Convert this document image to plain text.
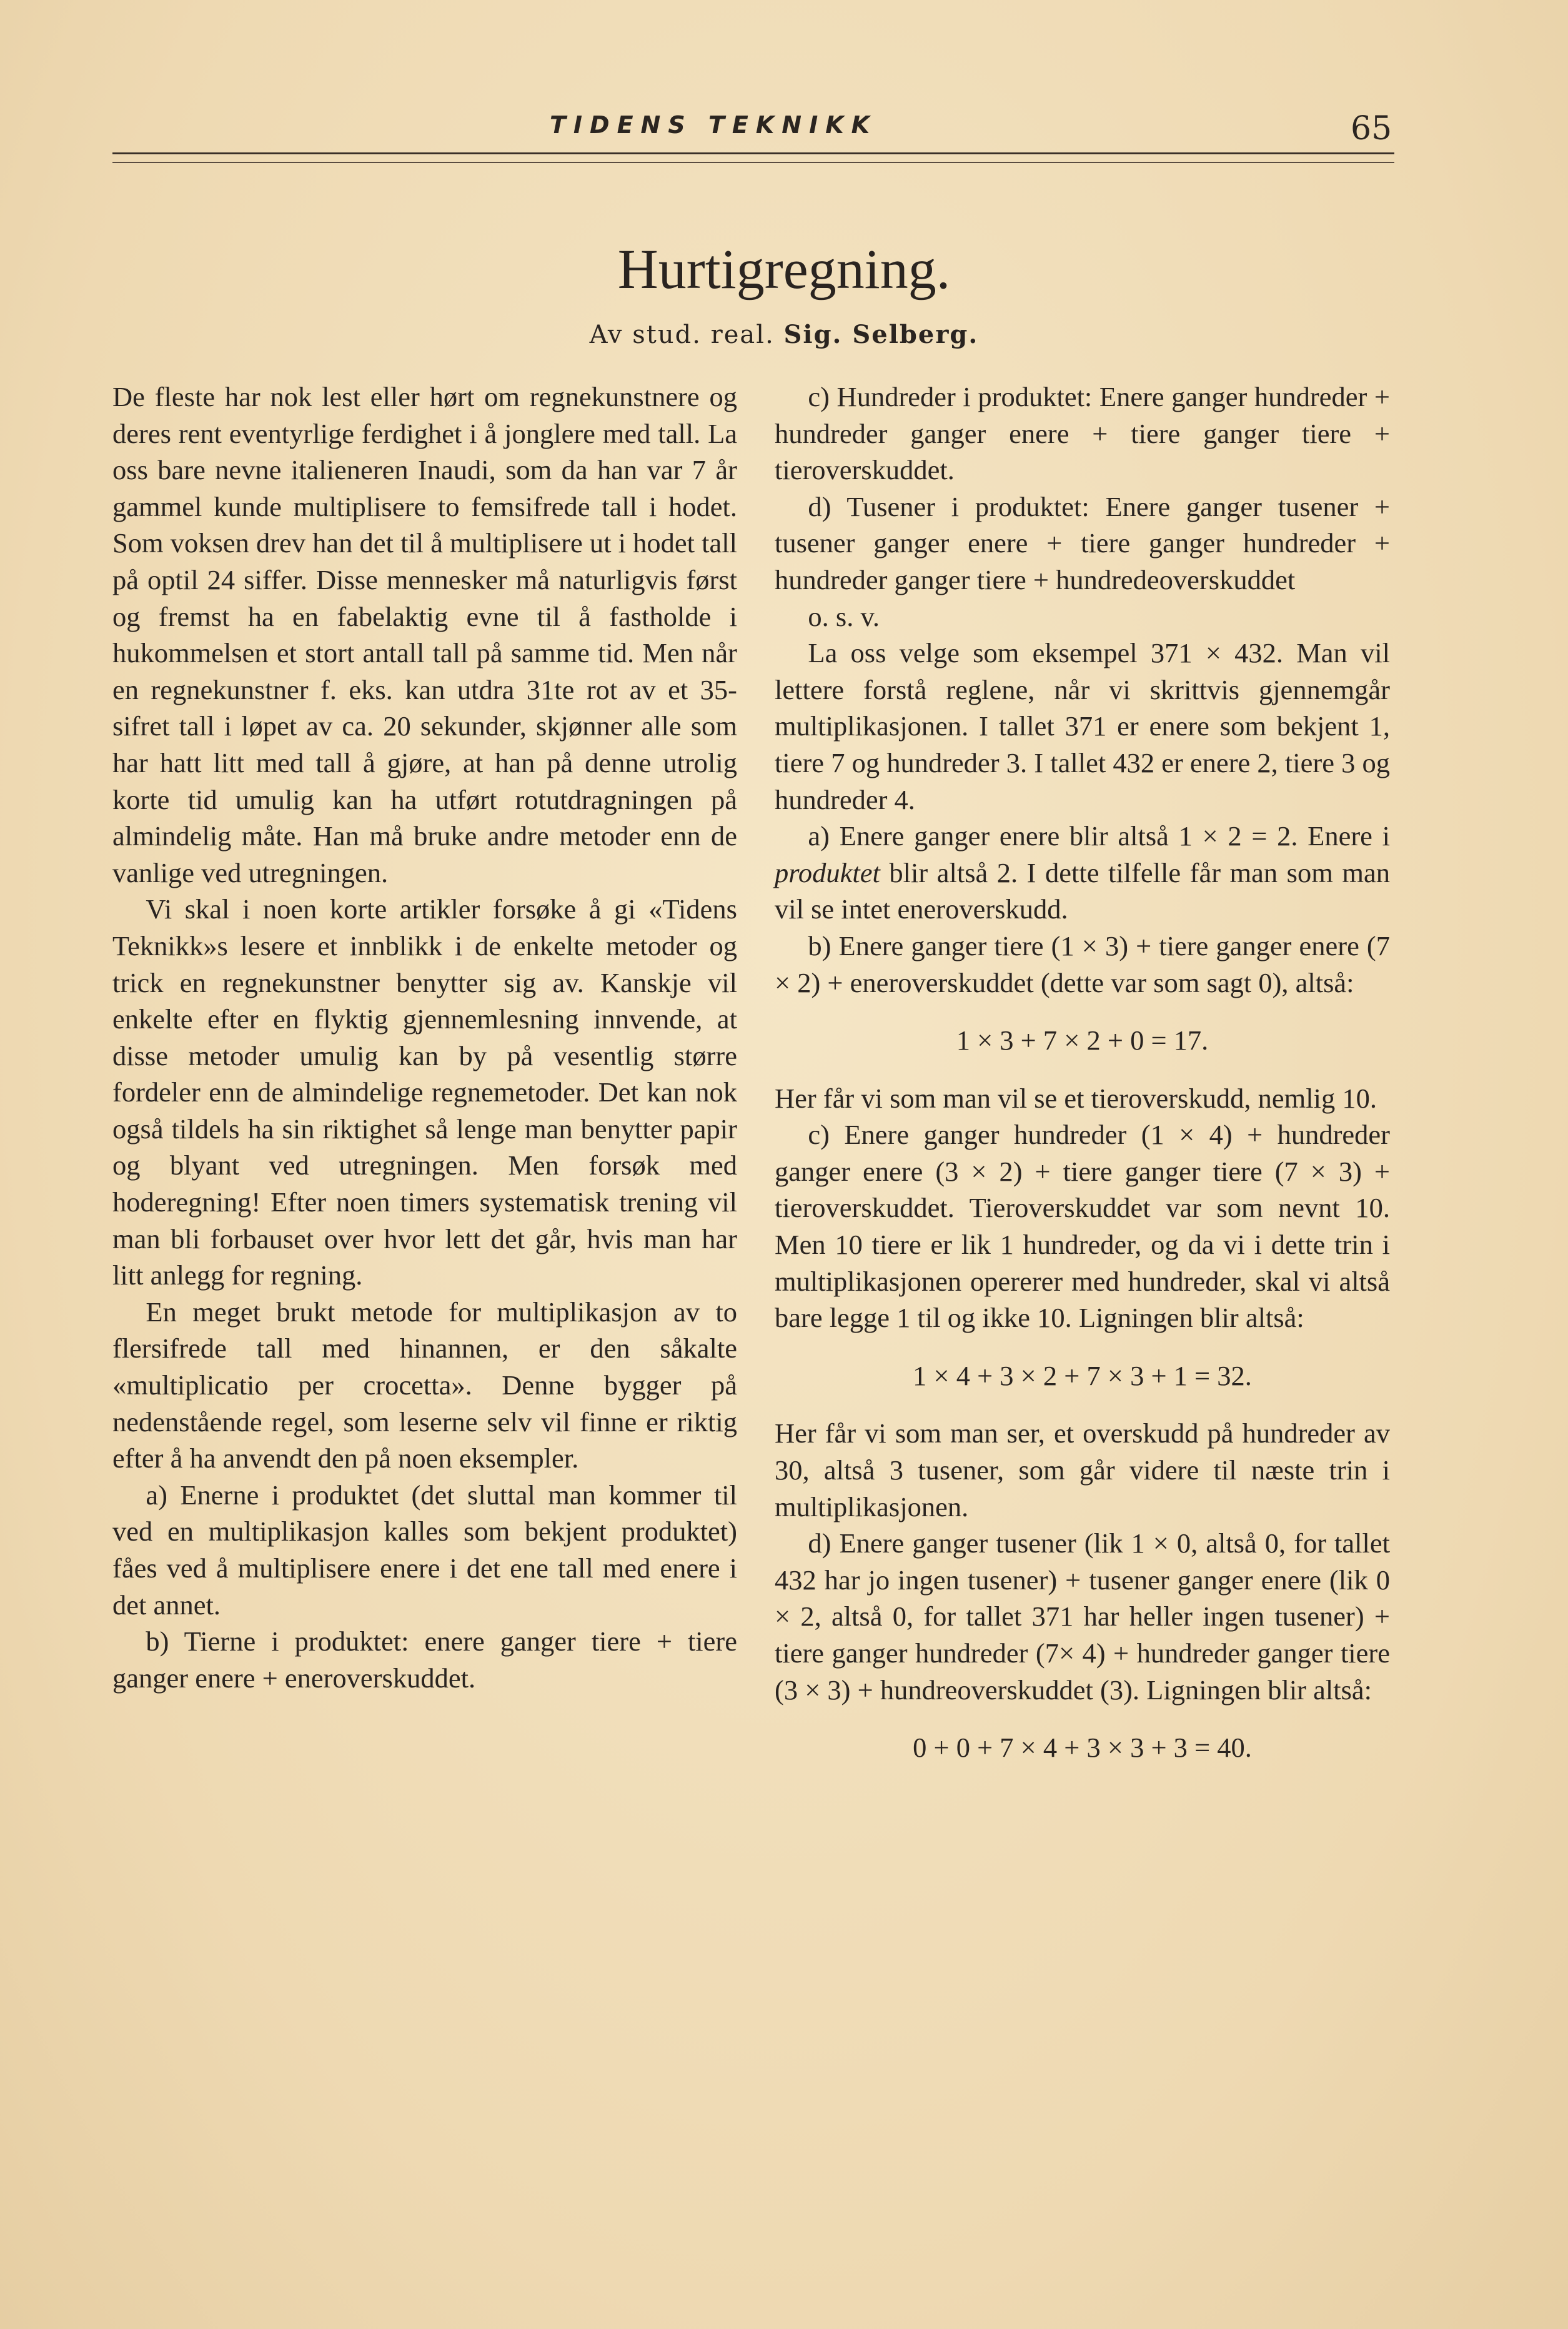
TIDENS TEKNIKK	65
Hurtigregning.
Av stud. real. Sig. Selberg.

De fleste har nok lest eller hørt om regnekunstnere og deres rent eventyrlige ferdighet i å jonglere med tall. La oss bare nevne italieneren Inaudi, som da han var 7 år gammel kunde multiplisere to femsifrede tall i hodet. Som voksen drev han det til å multiplisere ut i hodet tall på optil 24 siffer. Disse mennesker må naturligvis først og fremst ha en fabelaktig evne til å fastholde i hukommelsen et stort antall tall på samme tid. Men når en regnekunstner f. eks. kan utdra 31te rot av et 35-sifret tall i løpet av ca. 20 sekunder, skjønner alle som har hatt litt med tall å gjøre, at han på denne utrolig korte tid umulig kan ha utført rotutdragningen på almindelig måte. Han må bruke andre metoder enn de vanlige ved utregningen.

Vi skal i noen korte artikler forsøke å gi «Tidens Teknikk»s lesere et innblikk i de enkelte metoder og trick en regnekunstner benytter sig av. Kanskje vil enkelte efter en flyktig gjennemlesning innvende, at disse metoder umulig kan by på vesentlig større fordeler enn de almindelige regnemetoder. Det kan nok også tildels ha sin riktighet så lenge man benytter papir og blyant ved utregningen. Men forsøk med hoderegning! Efter noen timers systematisk trening vil man bli forbauset over hvor lett det går, hvis man har litt anlegg for regning.

En meget brukt metode for multiplikasjon av to flersifrede tall med hinannen, er den såkalte «multiplicatio per crocetta». Denne bygger på nedenstående regel, som leserne selv vil finne er riktig efter å ha anvendt den på noen eksempler.

a) Enerne i produktet (det sluttal man kommer til ved en multiplikasjon kalles som bekjent produktet) fåes ved å multiplisere enere i det ene tall med enere i det annet.

b) Tierne i produktet: enere ganger tiere + tiere ganger enere + eneroverskuddet.

c) Hundreder i produktet: Enere ganger hundreder + hundreder ganger enere + tiere ganger tiere + tieroverskuddet.

d) Tusener i produktet: Enere ganger tusener + tusener ganger enere + tiere ganger hundreder + hundreder ganger tiere + hundredeoverskuddet

o. s. v.

La oss velge som eksempel 371 × 432. Man vil lettere forstå reglene, når vi skrittvis gjennemgår multiplikasjonen. I tallet 371 er enere som bekjent 1, tiere 7 og hundreder 3. I tallet 432 er enere 2, tiere 3 og hundreder 4.

a) Enere ganger enere blir altså 1 × 2 = 2. Enere i produktet blir altså 2. I dette tilfelle får man som man vil se intet eneroverskudd.

b) Enere ganger tiere (1 × 3) + tiere ganger enere (7 × 2) + eneroverskuddet (dette var som sagt 0), altså:

1 × 3 + 7 × 2 + 0 = 17.

Her får vi som man vil se et tieroverskudd, nemlig 10.

c) Enere ganger hundreder (1 × 4) + hundreder ganger enere (3 × 2) + tiere ganger tiere (7 × 3) + tieroverskuddet. Tieroverskuddet var som nevnt 10. Men 10 tiere er lik 1 hundreder, og da vi i dette trin i multiplikasjonen opererer med hundreder, skal vi altså bare legge 1 til og ikke 10. Ligningen blir altså:

1 × 4 + 3 × 2 + 7 × 3 + 1 = 32.

Her får vi som man ser, et overskudd på hundreder av 30, altså 3 tusener, som går videre til næste trin i multiplikasjonen.

d) Enere ganger tusener (lik 1 × 0, altså 0, for tallet 432 har jo ingen tusener) + tusener ganger enere (lik 0 × 2, altså 0, for tallet 371 har heller ingen tusener) + tiere ganger hundreder (7× 4) + hundreder ganger tiere (3 × 3) + hundreoverskuddet (3). Ligningen blir altså:

0 + 0 + 7 × 4 + 3 × 3 + 3 = 40.
